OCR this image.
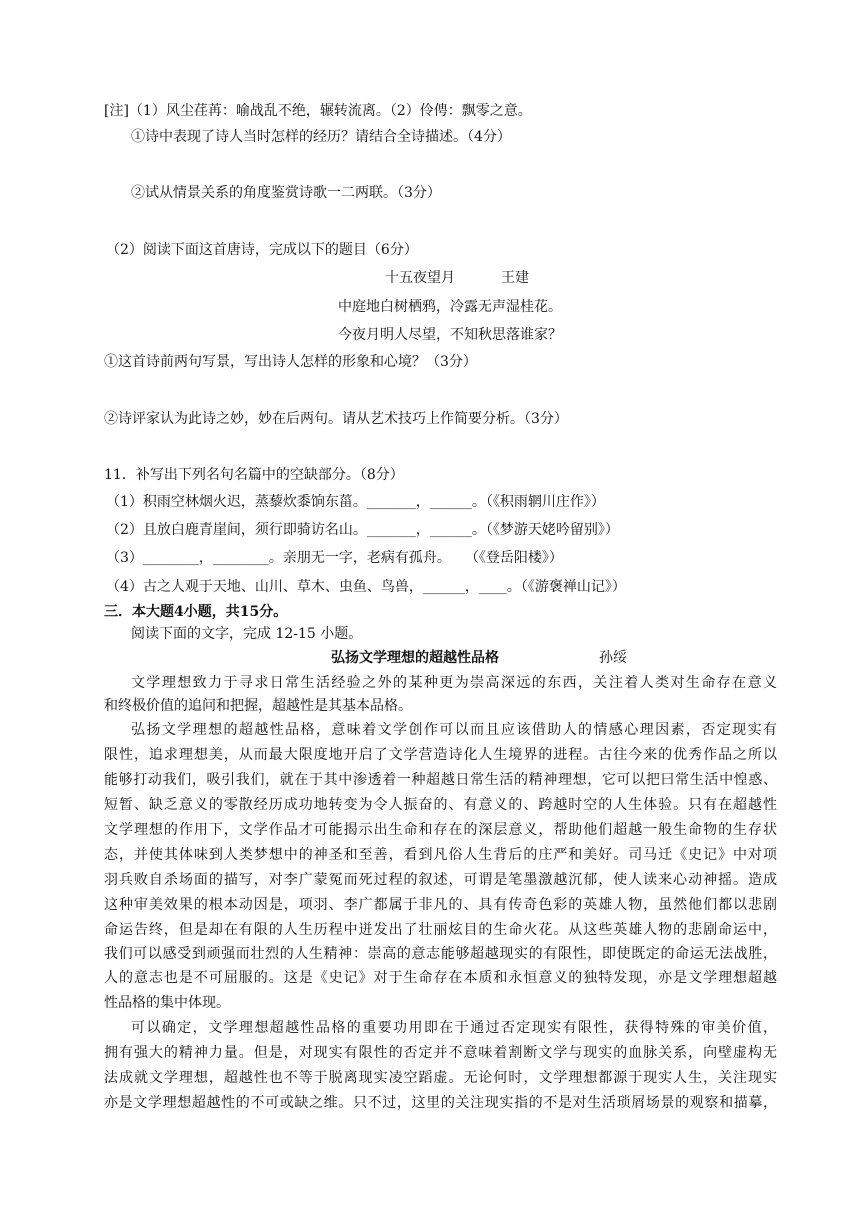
[注]（1）风尘荏苒：喻战乱不绝，辗转流离。（2）伶俜：飘零之意。
①诗中表现了诗人当时怎样的经历？请结合全诗描述。（4分）
②试从情景关系的角度鉴赏诗歌一二两联。（3分）
（2）阅读下面这首唐诗，完成以下的题目（6分）
十五夜望月	王建
中庭地白树栖鸦，冷露无声湿桂花。
今夜月明人尽望，不知秋思落谁家？
①这首诗前两句写景，写出诗人怎样的形象和心境？（3分）
②诗评家认为此诗之妙，妙在后两句。请从艺术技巧上作简要分析。（3分）
11．补写出下列名句名篇中的空缺部分。（8分）
（1）积雨空林烟火迟，蒸藜炊黍饷东菑。_______，______。（《积雨辋川庄作》）
（2）且放白鹿青崖间，须行即骑访名山。_______，______。（《梦游天姥吟留别》）
（3）________，________。亲朋无一字，老病有孤舟。　　（《登岳阳楼》）
（4）古之人观于天地、山川、草木、虫鱼、鸟兽，______，____。（《游褒禅山记》）
三．本大题4小题，共15分。
阅读下面的文字，完成 12-15 小题。
弘扬文学理想的超越性品格	孙绥
文学理想致力于寻求日常生活经验之外的某种更为崇高深远的东西，关注着人类对生命存在意义
和终极价值的追问和把握，超越性是其基本品格。
弘扬文学理想的超越性品格，意味着文学创作可以而且应该借助人的情感心理因素，否定现实有
限性，追求理想美，从而最大限度地开启了文学营造诗化人生境界的进程。古往今来的优秀作品之所以
能够打动我们，吸引我们，就在于其中渗透着一种超越日常生活的精神理想，它可以把曰常生活中惶惑、
短暂、缺乏意义的零散经历成功地转变为令人振奋的、有意义的、跨越时空的人生体验。只有在超越性
文学理想的作用下，文学作品才可能揭示出生命和存在的深层意义，帮助他们超越一般生命物的生存状
态，并使其体味到人类梦想中的神圣和至善，看到凡俗人生背后的庄严和美好。司马迁《史记》中对项
羽兵败自杀场面的描写，对李广蒙冤而死过程的叙述，可谓是笔墨激越沉郁，使人读来心动神摇。造成
这种审美效果的根本动因是，项羽、李广都属于非凡的、具有传奇色彩的英雄人物，虽然他们都以悲剧
命运告终，但是却在有限的人生历程中迸发出了壮丽炫目的生命火花。从这些英雄人物的悲剧命运中，
我们可以感受到顽强而壮烈的人生精神：崇高的意志能够超越现实的有限性，即使既定的命运无法战胜，
人的意志也是不可屈服的。这是《史记》对于生命存在本质和永恒意义的独特发现，亦是文学理想超越
性品格的集中体现。
可以确定，文学理想超越性品格的重要功用即在于通过否定现实有限性，获得特殊的审美价值，
拥有强大的精神力量。但是，对现实有限性的否定并不意味着割断文学与现实的血脉关系，向壁虚构无
法成就文学理想，超越性也不等于脱离现实凌空蹈虚。无论何时，文学理想都源于现实人生，关注现实
亦是文学理想超越性的不可或缺之维。只不过，这里的关注现实指的不是对生活琐屑场景的观察和描摹，
